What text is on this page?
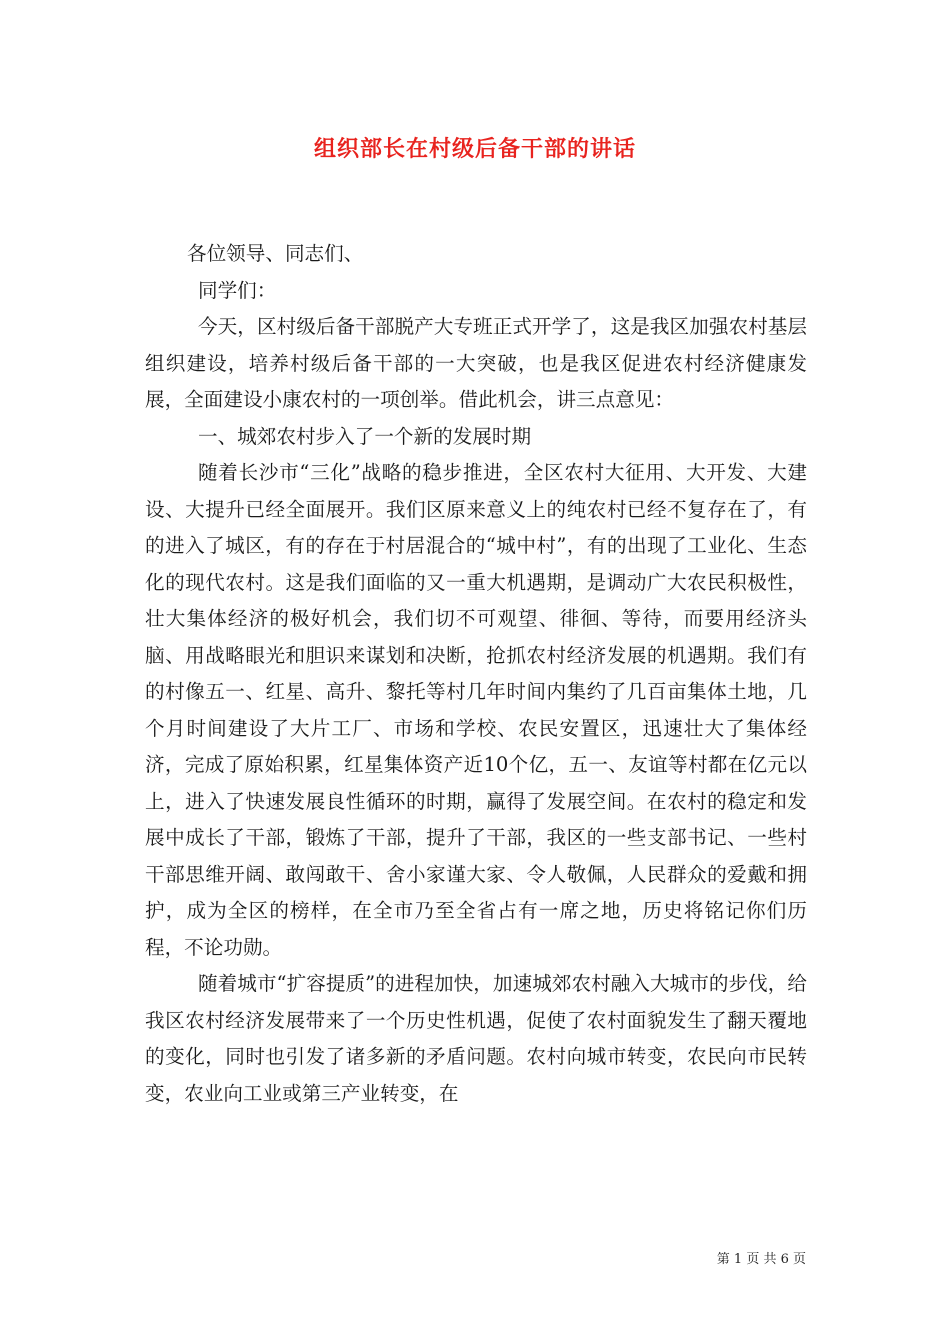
组织部长在村级后备干部的讲话

各位领导、同志们、

同学们：

今天，区村级后备干部脱产大专班正式开学了，这是我区加强农村基层组织建设，培养村级后备干部的一大突破，也是我区促进农村经济健康发展，全面建设小康农村的一项创举。借此机会，讲三点意见：

一、城郊农村步入了一个新的发展时期

随着长沙市“三化”战略的稳步推进，全区农村大征用、大开发、大建设、大提升已经全面展开。我们区原来意义上的纯农村已经不复存在了，有的进入了城区，有的存在于村居混合的“城中村”，有的出现了工业化、生态化的现代农村。这是我们面临的又一重大机遇期，是调动广大农民积极性，壮大集体经济的极好机会，我们切不可观望、徘徊、等待，而要用经济头脑、用战略眼光和胆识来谋划和决断，抢抓农村经济发展的机遇期。我们有的村像五一、红星、高升、黎托等村几年时间内集约了几百亩集体土地，几个月时间建设了大片工厂、市场和学校、农民安置区，迅速壮大了集体经济，完成了原始积累，红星集体资产近10个亿，五一、友谊等村都在亿元以上，进入了快速发展良性循环的时期，赢得了发展空间。在农村的稳定和发展中成长了干部，锻炼了干部，提升了干部，我区的一些支部书记、一些村干部思维开阔、敢闯敢干、舍小家谨大家、令人敬佩，人民群众的爱戴和拥护，成为全区的榜样，在全市乃至全省占有一席之地，历史将铭记你们历程，不论功勋。

随着城市“扩容提质”的进程加快，加速城郊农村融入大城市的步伐，给我区农村经济发展带来了一个历史性机遇，促使了农村面貌发生了翻天覆地的变化，同时也引发了诸多新的矛盾问题。农村向城市转变，农民向市民转变，农业向工业或第三产业转变，在

第 1 页 共 6 页
